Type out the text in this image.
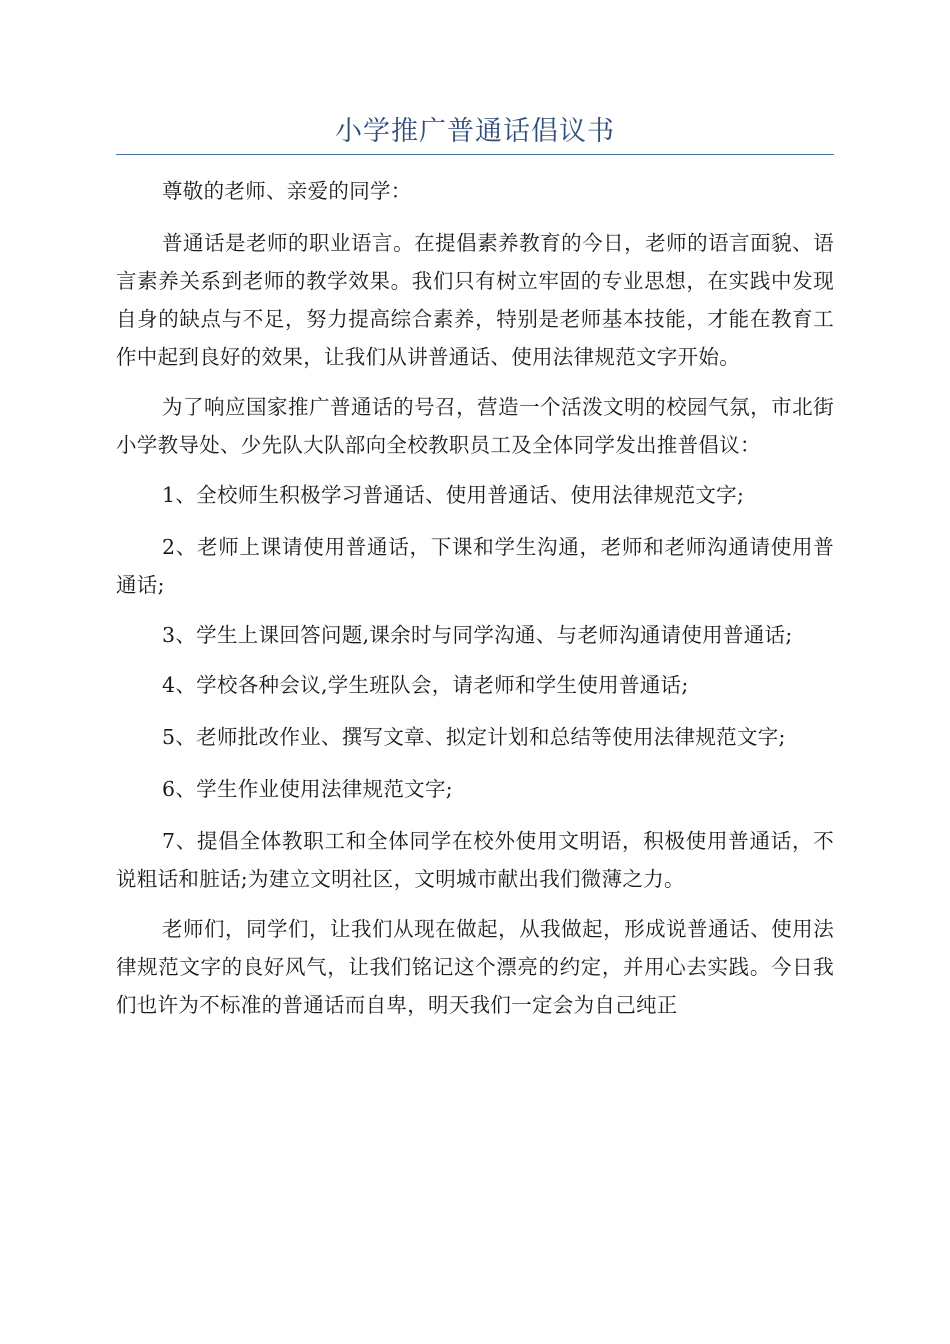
小学推广普通话倡议书

尊敬的老师、亲爱的同学：

普通话是老师的职业语言。在提倡素养教育的今日，老师的语言面貌、语言素养关系到老师的教学效果。我们只有树立牢固的专业思想，在实践中发现自身的缺点与不足，努力提高综合素养，特别是老师基本技能，才能在教育工作中起到良好的效果，让我们从讲普通话、使用法律规范文字开始。

为了响应国家推广普通话的号召，营造一个活泼文明的校园气氛，市北街小学教导处、少先队大队部向全校教职员工及全体同学发出推普倡议：

1、全校师生积极学习普通话、使用普通话、使用法律规范文字;

2、老师上课请使用普通话，下课和学生沟通，老师和老师沟通请使用普通话;

3、学生上课回答问题,课余时与同学沟通、与老师沟通请使用普通话;

4、学校各种会议,学生班队会，请老师和学生使用普通话;

5、老师批改作业、撰写文章、拟定计划和总结等使用法律规范文字;

6、学生作业使用法律规范文字;

7、提倡全体教职工和全体同学在校外使用文明语，积极使用普通话，不说粗话和脏话;为建立文明社区，文明城市献出我们微薄之力。

老师们，同学们，让我们从现在做起，从我做起，形成说普通话、使用法律规范文字的良好风气，让我们铭记这个漂亮的约定，并用心去实践。今日我们也许为不标准的普通话而自卑，明天我们一定会为自己纯正
